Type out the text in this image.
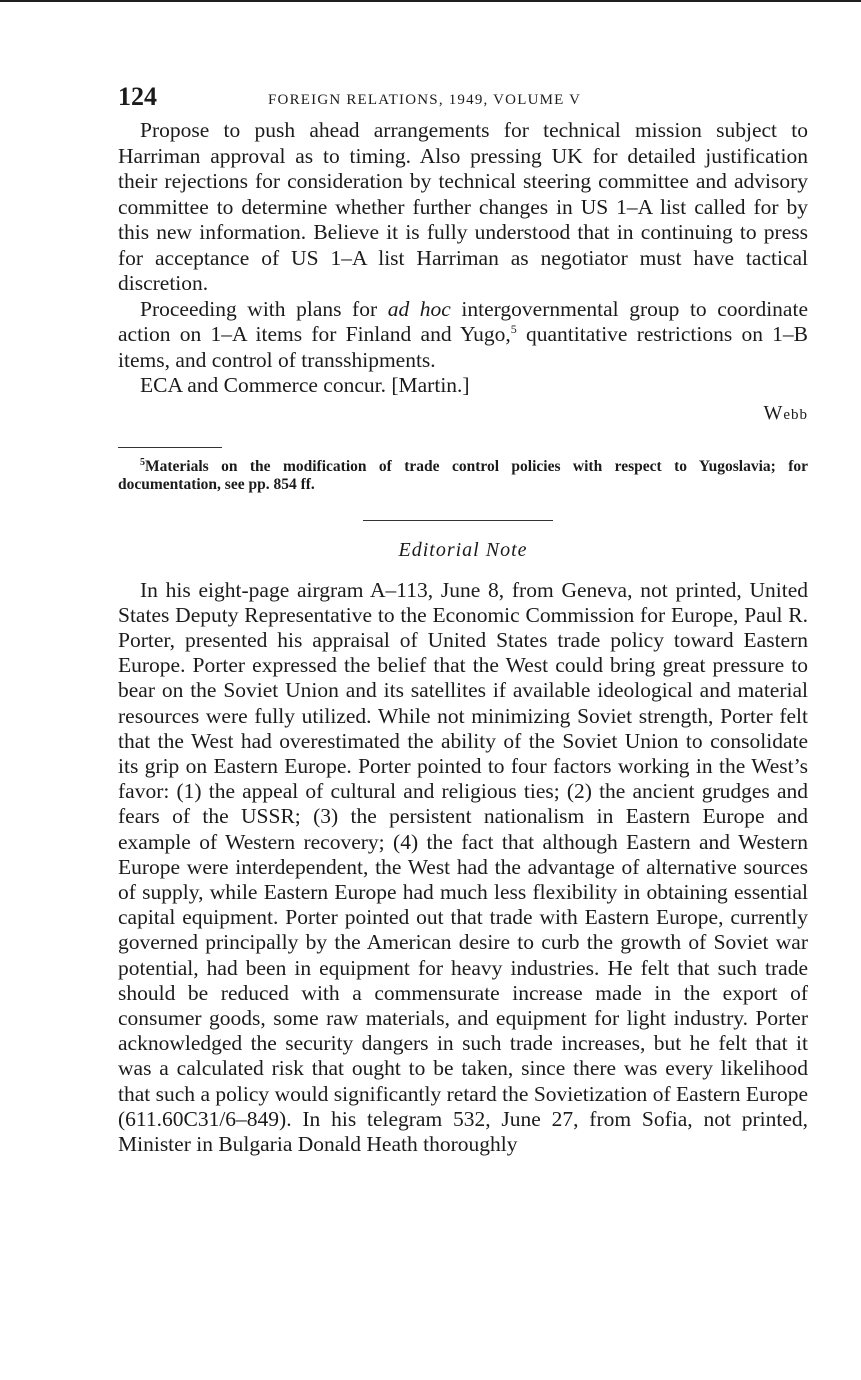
124	FOREIGN RELATIONS, 1949, VOLUME V

Propose to push ahead arrangements for technical mission subject to Harriman approval as to timing. Also pressing UK for detailed justification their rejections for consideration by technical steering committee and advisory committee to determine whether further changes in US 1–A list called for by this new information. Believe it is fully understood that in continuing to press for acceptance of US 1–A list Harriman as negotiator must have tactical discretion.

Proceeding with plans for ad hoc intergovernmental group to coordinate action on 1–A items for Finland and Yugo,$^5$ quantitative restrictions on 1–B items, and control of transshipments.

ECA and Commerce concur. [Martin.]

Webb

$^5$Materials on the modification of trade control policies with respect to Yugoslavia; for documentation, see pp. 854 ff.

Editorial Note

In his eight-page airgram A–113, June 8, from Geneva, not printed, United States Deputy Representative to the Economic Commission for Europe, Paul R. Porter, presented his appraisal of United States trade policy toward Eastern Europe. Porter expressed the belief that the West could bring great pressure to bear on the Soviet Union and its satellites if available ideological and material resources were fully utilized. While not minimizing Soviet strength, Porter felt that the West had overestimated the ability of the Soviet Union to consolidate its grip on Eastern Europe. Porter pointed to four factors working in the West’s favor: (1) the appeal of cultural and religious ties; (2) the ancient grudges and fears of the USSR; (3) the persistent nationalism in Eastern Europe and example of Western recovery; (4) the fact that although Eastern and Western Europe were interdependent, the West had the advantage of alternative sources of supply, while Eastern Europe had much less flexibility in obtaining essential capital equipment. Porter pointed out that trade with Eastern Europe, currently governed principally by the American desire to curb the growth of Soviet war potential, had been in equipment for heavy industries. He felt that such trade should be reduced with a commensurate increase made in the export of consumer goods, some raw materials, and equipment for light industry. Porter acknowledged the security dangers in such trade increases, but he felt that it was a calculated risk that ought to be taken, since there was every likelihood that such a policy would significantly retard the Sovietization of Eastern Europe (611.60C31/6–849). In his telegram 532, June 27, from Sofia, not printed, Minister in Bulgaria Donald Heath thoroughly
